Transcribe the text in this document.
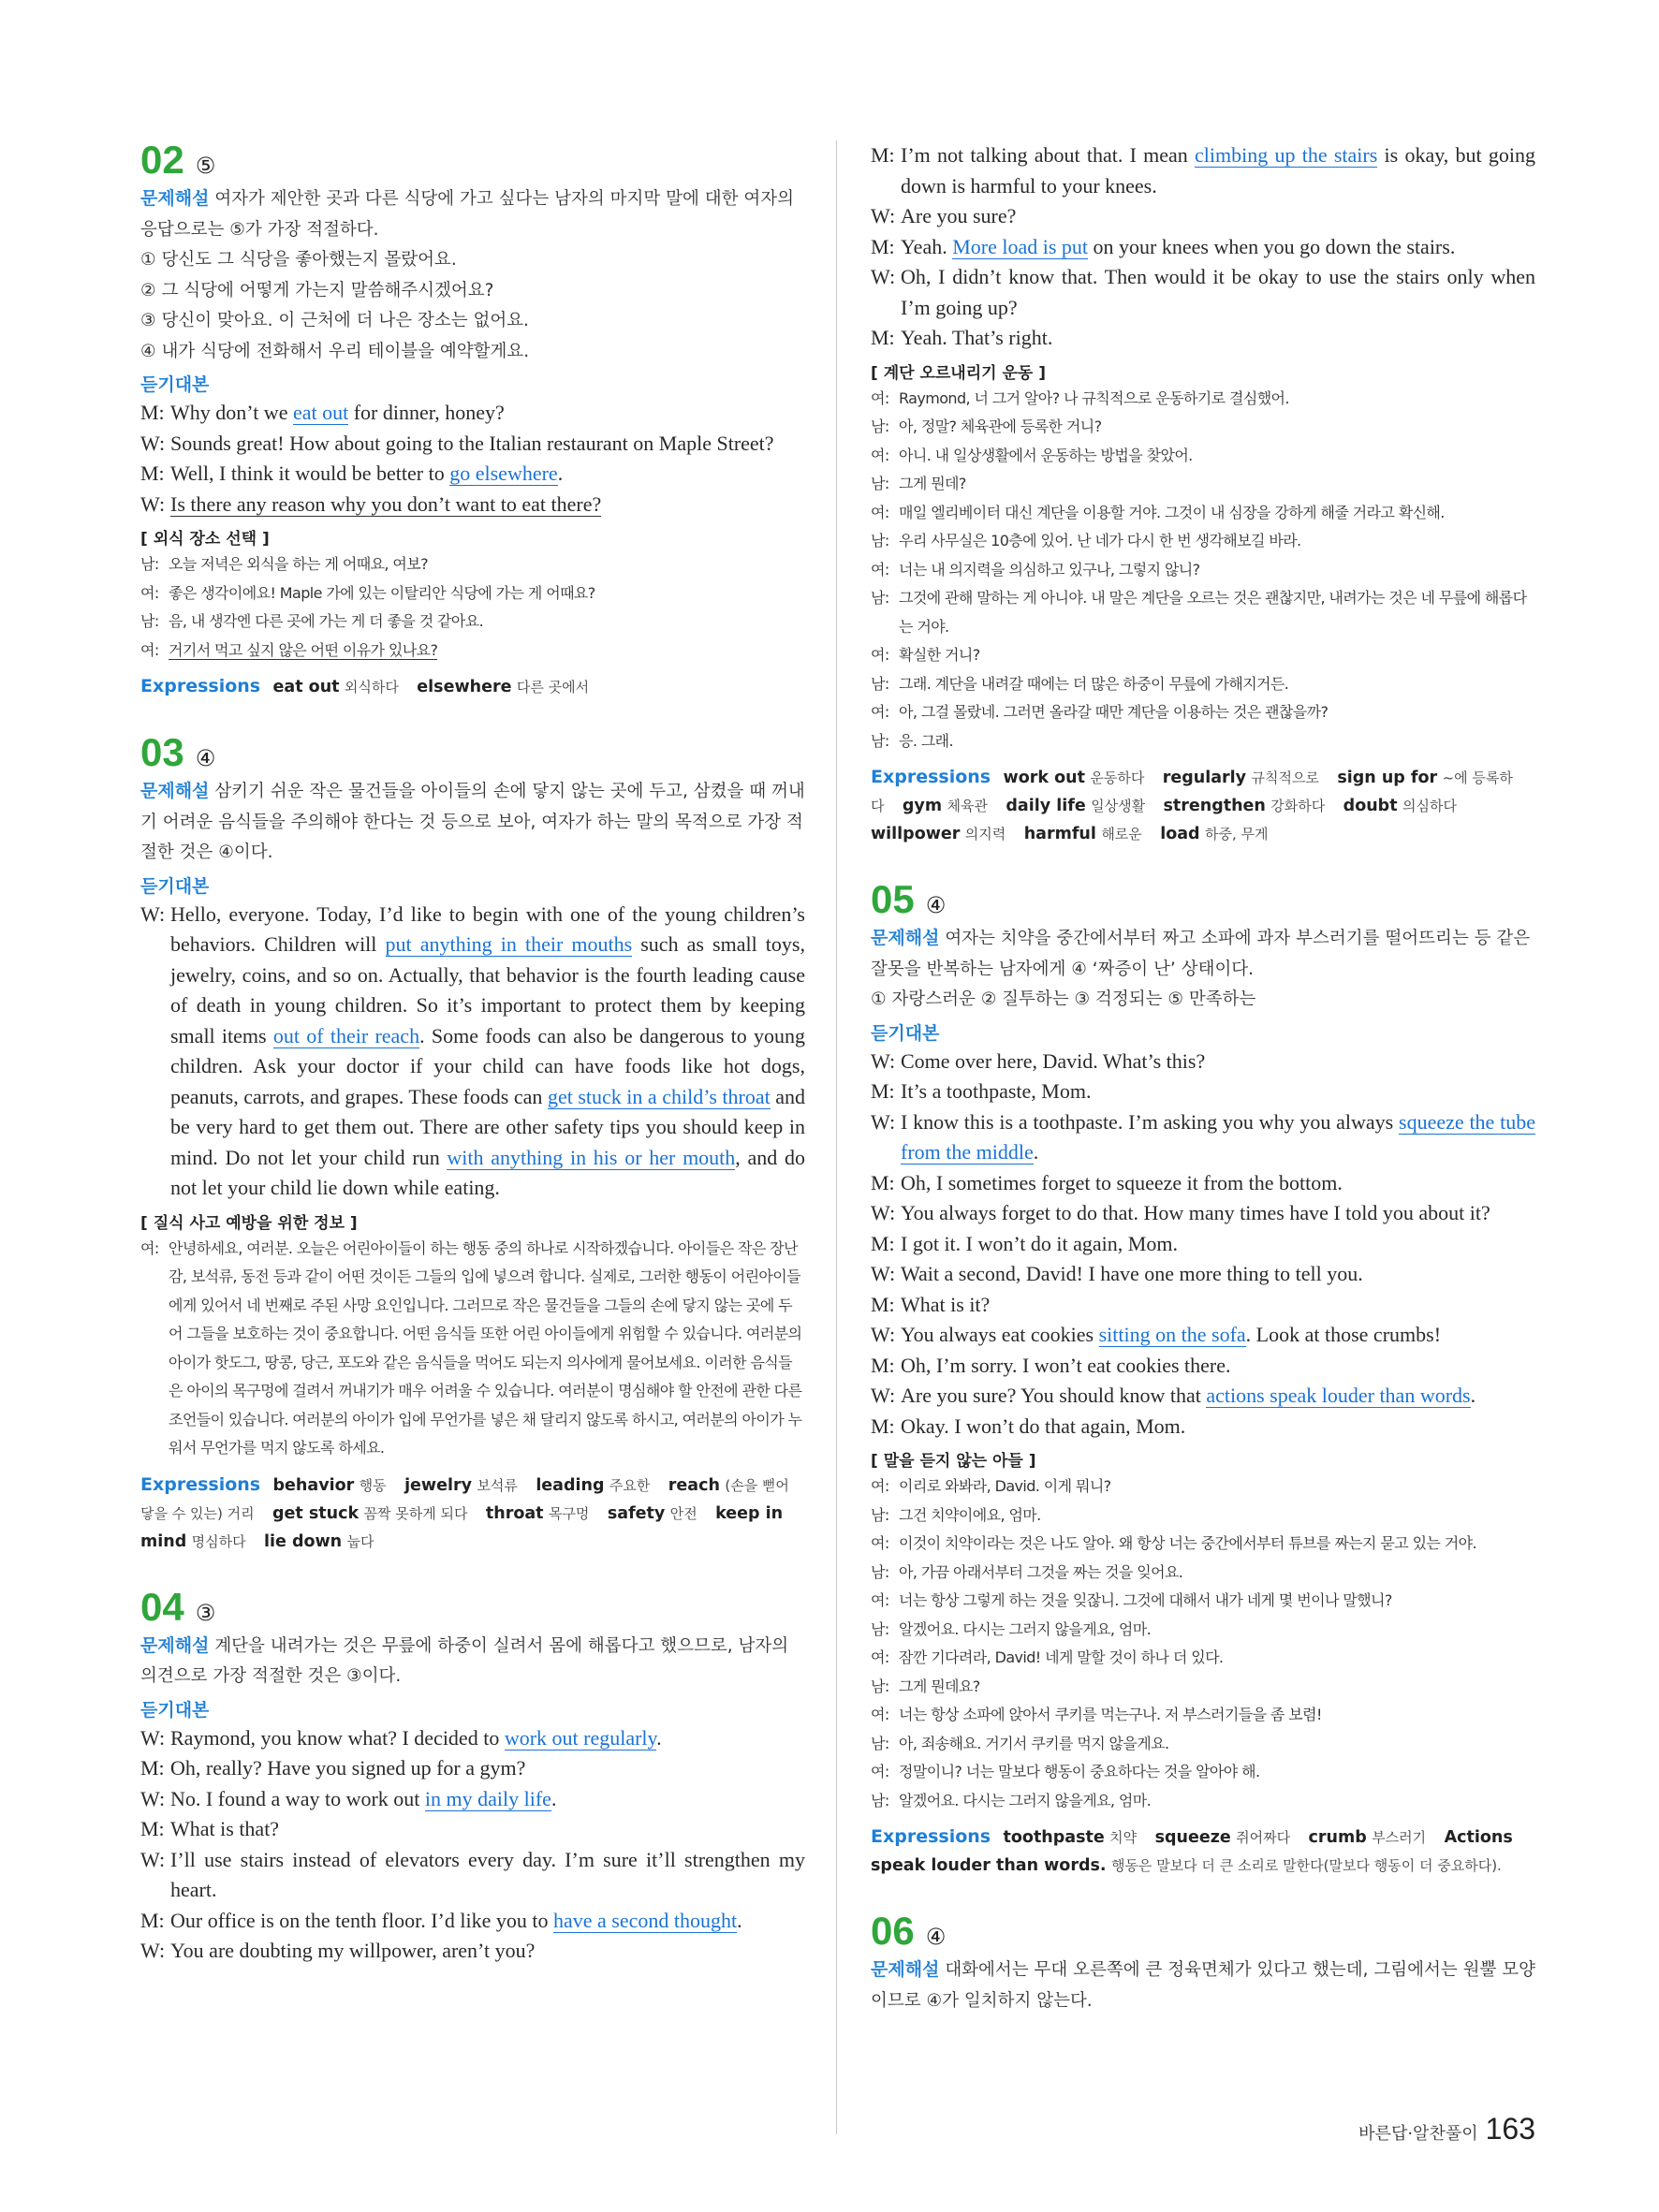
02 ⑤

문제해설 여자가 제안한 곳과 다른 식당에 가고 싶다는 남자의 마지막 말에 대한 여자의 응답으로는 ⑤가 가장 적절하다.

① 당신도 그 식당을 좋아했는지 몰랐어요.
② 그 식당에 어떻게 가는지 말씀해주시겠어요?
③ 당신이 맞아요. 이 근처에 더 나은 장소는 없어요.
④ 내가 식당에 전화해서 우리 테이블을 예약할게요.
듣기대본
M: Why don’t we eat out for dinner, honey?
W: Sounds great! How about going to the Italian restaurant on Maple Street?
M: Well, I think it would be better to go elsewhere.
W: Is there any reason why you don’t want to eat there?
[ 외식 장소 선택 ]
남: 오늘 저녁은 외식을 하는 게 어때요, 여보?
여: 좋은 생각이에요! Maple 가에 있는 이탈리안 식당에 가는 게 어때요?
남: 음, 내 생각엔 다른 곳에 가는 게 더 좋을 것 같아요.
여: 거기서 먹고 싶지 않은 어떤 이유가 있나요?
Expressions eat out 외식하다 elsewhere 다른 곳에서
03 ④

문제해설 삼키기 쉬운 작은 물건들을 아이들의 손에 닿지 않는 곳에 두고, 삼켰을 때 꺼내기 어려운 음식들을 주의해야 한다는 것 등으로 보아, 여자가 하는 말의 목적으로 가장 적절한 것은 ④이다.

듣기대본
W: Hello, everyone. Today, I’d like to begin with one of the young children’s behaviors. Children will put anything in their mouths such as small toys, jewelry, coins, and so on. Actually, that behavior is the fourth leading cause of death in young children. So it’s important to protect them by keeping small items out of their reach. Some foods can also be dangerous to young children. Ask your doctor if your child can have foods like hot dogs, peanuts, carrots, and grapes. These foods can get stuck in a child’s throat and be very hard to get them out. There are other safety tips you should keep in mind. Do not let your child run with anything in his or her mouth, and do not let your child lie down while eating.
[ 질식 사고 예방을 위한 정보 ]
여: 안녕하세요, 여러분. 오늘은 어린아이들이 하는 행동 중의 하나로 시작하겠습니다. 아이들은 작은 장난감, 보석류, 동전 등과 같이 어떤 것이든 그들의 입에 넣으려 합니다. 실제로, 그러한 행동이 어린아이들에게 있어서 네 번째로 주된 사망 요인입니다. 그러므로 작은 물건들을 그들의 손에 닿지 않는 곳에 두어 그들을 보호하는 것이 중요합니다. 어떤 음식들 또한 어린 아이들에게 위험할 수 있습니다. 여러분의 아이가 핫도그, 땅콩, 당근, 포도와 같은 음식들을 먹어도 되는지 의사에게 물어보세요. 이러한 음식들은 아이의 목구멍에 걸려서 꺼내기가 매우 어려울 수 있습니다. 여러분이 명심해야 할 안전에 관한 다른 조언들이 있습니다. 여러분의 아이가 입에 무언가를 넣은 채 달리지 않도록 하시고, 여러분의 아이가 누워서 무언가를 먹지 않도록 하세요.
Expressions behavior 행동 jewelry 보석류 leading 주요한 reach (손을 뻗어 닿을 수 있는) 거리 get stuck 꼼짝 못하게 되다 throat 목구멍 safety 안전 keep in mind 명심하다 lie down 눕다
04 ③

문제해설 계단을 내려가는 것은 무릎에 하중이 실려서 몸에 해롭다고 했으므로, 남자의 의견으로 가장 적절한 것은 ③이다.

듣기대본
W: Raymond, you know what? I decided to work out regularly.
M: Oh, really? Have you signed up for a gym?
W: No. I found a way to work out in my daily life.
M: What is that?
W: I’ll use stairs instead of elevators every day. I’m sure it’ll strengthen my heart.
M: Our office is on the tenth floor. I’d like you to have a second thought.
W: You are doubting my willpower, aren’t you?
M: I’m not talking about that. I mean climbing up the stairs is okay, but going down is harmful to your knees.
W: Are you sure?
M: Yeah. More load is put on your knees when you go down the stairs.
W: Oh, I didn’t know that. Then would it be okay to use the stairs only when I’m going up?
M: Yeah. That’s right.
[ 계단 오르내리기 운동 ]
여: Raymond, 너 그거 알아? 나 규칙적으로 운동하기로 결심했어.
남: 아, 정말? 체육관에 등록한 거니?
여: 아니. 내 일상생활에서 운동하는 방법을 찾았어.
남: 그게 뭔데?
여: 매일 엘리베이터 대신 계단을 이용할 거야. 그것이 내 심장을 강하게 해줄 거라고 확신해.
남: 우리 사무실은 10층에 있어. 난 네가 다시 한 번 생각해보길 바라.
여: 너는 내 의지력을 의심하고 있구나, 그렇지 않니?
남: 그것에 관해 말하는 게 아니야. 내 말은 계단을 오르는 것은 괜찮지만, 내려가는 것은 네 무릎에 해롭다는 거야.
여: 확실한 거니?
남: 그래. 계단을 내려갈 때에는 더 많은 하중이 무릎에 가해지거든.
여: 아, 그걸 몰랐네. 그러면 올라갈 때만 계단을 이용하는 것은 괜찮을까?
남: 응. 그래.
Expressions work out 운동하다 regularly 규칙적으로 sign up for ~에 등록하다 gym 체육관 daily life 일상생활 strengthen 강화하다 doubt 의심하다 willpower 의지력 harmful 해로운 load 하중, 무게
05 ④

문제해설 여자는 치약을 중간에서부터 짜고 소파에 과자 부스러기를 떨어뜨리는 등 같은 잘못을 반복하는 남자에게 ④ ‘짜증이 난’ 상태이다.

① 자랑스러운 ② 질투하는 ③ 걱정되는 ⑤ 만족하는

듣기대본
W: Come over here, David. What’s this?
M: It’s a toothpaste, Mom.
W: I know this is a toothpaste. I’m asking you why you always squeeze the tube from the middle.
M: Oh, I sometimes forget to squeeze it from the bottom.
W: You always forget to do that. How many times have I told you about it?
M: I got it. I won’t do it again, Mom.
W: Wait a second, David! I have one more thing to tell you.
M: What is it?
W: You always eat cookies sitting on the sofa. Look at those crumbs!
M: Oh, I’m sorry. I won’t eat cookies there.
W: Are you sure? You should know that actions speak louder than words.
M: Okay. I won’t do that again, Mom.
[ 말을 듣지 않는 아들 ]
여: 이리로 와봐라, David. 이게 뭐니?
남: 그건 치약이에요, 엄마.
여: 이것이 치약이라는 것은 나도 알아. 왜 항상 너는 중간에서부터 튜브를 짜는지 묻고 있는 거야.
남: 아, 가끔 아래서부터 그것을 짜는 것을 잊어요.
여: 너는 항상 그렇게 하는 것을 잊잖니. 그것에 대해서 내가 네게 몇 번이나 말했니?
남: 알겠어요. 다시는 그러지 않을게요, 엄마.
여: 잠깐 기다려라, David! 네게 말할 것이 하나 더 있다.
남: 그게 뭔데요?
여: 너는 항상 소파에 앉아서 쿠키를 먹는구나. 저 부스러기들을 좀 보렴!
남: 아, 죄송해요. 거기서 쿠키를 먹지 않을게요.
여: 정말이니? 너는 말보다 행동이 중요하다는 것을 알아야 해.
남: 알겠어요. 다시는 그러지 않을게요, 엄마.
Expressions toothpaste 치약 squeeze 쥐어짜다 crumb 부스러기 Actions speak louder than words. 행동은 말보다 더 큰 소리로 말한다(말보다 행동이 더 중요하다).
06 ④

문제해설 대화에서는 무대 오른쪽에 큰 정육면체가 있다고 했는데, 그림에서는 원뿔 모양이므로 ④가 일치하지 않는다.

바른답·알찬풀이 163
